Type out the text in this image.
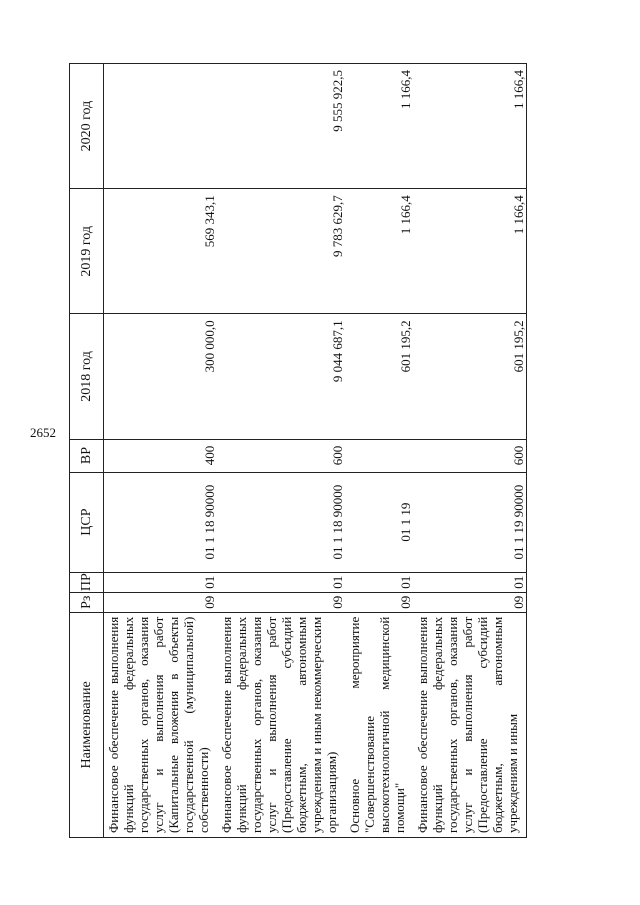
2652
Наименование	Рз	ПР	ЦСР	ВР	2018 год	2019 год	2020 год
Финансовое обеспечение выполнения функций федеральных государственных органов, оказания услуг и выполнения работ (Капитальные вложения в объекты государственной (муниципальной) собственности)	09	01	01 1 18 90000	400	300 000,0	569 343,1	
Финансовое обеспечение выполнения функций федеральных государственных органов, оказания услуг и выполнения работ (Предоставление субсидий бюджетным, автономным учреждениям и иным некоммерческим организациям)	09	01	01 1 18 90000	600	9 044 687,1	9 783 629,7	9 555 922,5
Основное мероприятие "Совершенствование высокотехнологичной медицинской помощи"	09	01	01 1 19		601 195,2	1 166,4	1 166,4
Финансовое обеспечение выполнения функций федеральных государственных органов, оказания услуг и выполнения работ (Предоставление субсидий бюджетным, автономным учреждениям и иным	09	01	01 1 19 90000	600	601 195,2	1 166,4	1 166,4
